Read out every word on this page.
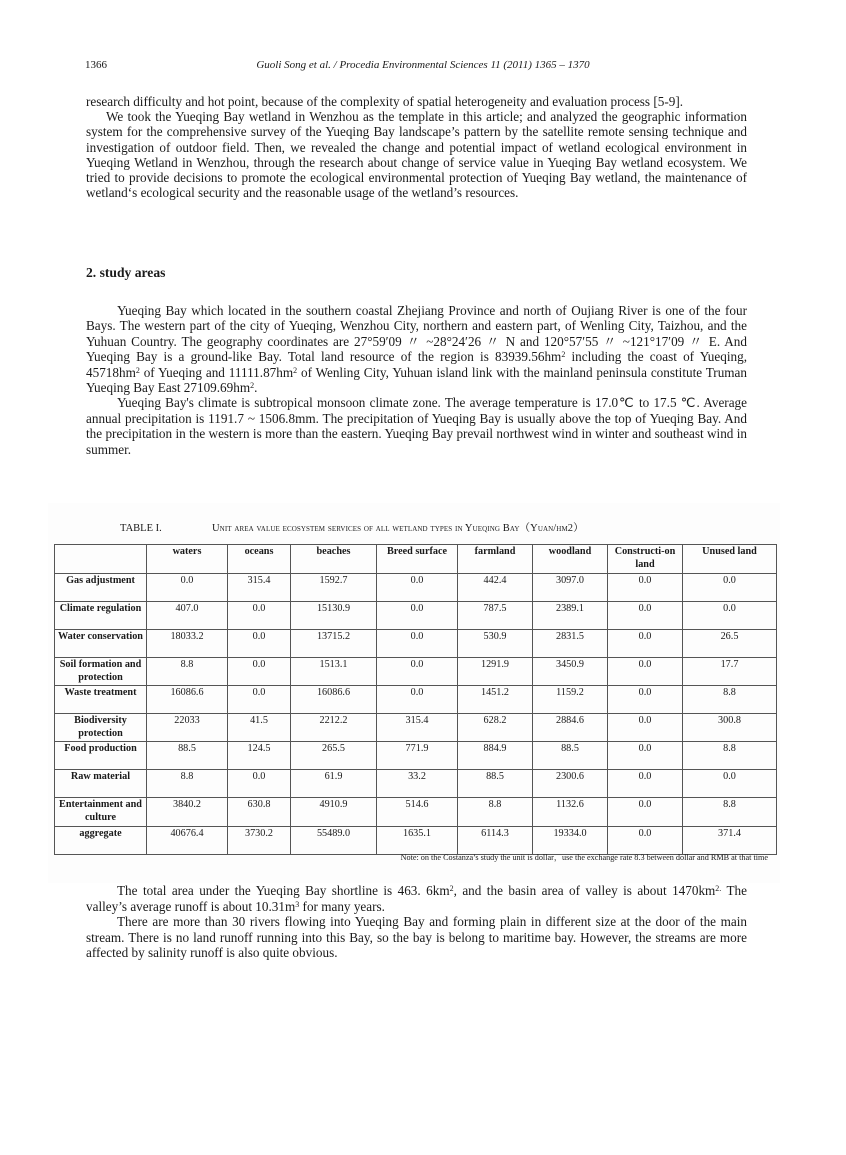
1366	Guoli Song et al. / Procedia Environmental Sciences 11 (2011) 1365 – 1370

research difficulty and hot point, because of the complexity of spatial heterogeneity and evaluation process [5-9].

We took the Yueqing Bay wetland in Wenzhou as the template in this article; and analyzed the geographic information system for the comprehensive survey of the Yueqing Bay landscape’s pattern by the satellite remote sensing technique and investigation of outdoor field. Then, we revealed the change and potential impact of wetland ecological environment in Yueqing Wetland in Wenzhou, through the research about change of service value in Yueqing Bay wetland ecosystem. We tried to provide decisions to promote the ecological environmental protection of Yueqing Bay wetland, the maintenance of wetland‘s ecological security and the reasonable usage of the wetland’s resources.

2. study areas

Yueqing Bay which located in the southern coastal Zhejiang Province and north of Oujiang River is one of the four Bays. The western part of the city of Yueqing, Wenzhou City, northern and eastern part, of Wenling City, Taizhou, and the Yuhuan Country. The geography coordinates are 27°59′09 〃 ~28°24′26 〃 N and 120°57′55 〃 ~121°17′09 〃 E. And Yueqing Bay is a ground-like Bay. Total land resource of the region is $83939.56hm^2$ including the coast of Yueqing, $45718hm^2$ of Yueqing and $11111.87hm^2$ of Wenling City, Yuhuan island link with the mainland peninsula constitute Truman Yueqing Bay East $27109.69hm^2$.

Yueqing Bay's climate is subtropical monsoon climate zone. The average temperature is 17.0℃ to 17.5 ℃. Average annual precipitation is 1191.7 ~ 1506.8mm. The precipitation of Yueqing Bay is usually above the top of Yueqing Bay. And the precipitation in the western is more than the eastern. Yueqing Bay prevail northwest wind in winter and southeast wind in summer.

TABLE I.	Unit area value ecosystem services of all wetland types in Yueqing Bay（Yuan/hm2）
	waters	oceans	beaches	Breed surface	farmland	woodland	Constructi-on land	Unused land
Gas adjustment	0.0	315.4	1592.7	0.0	442.4	3097.0	0.0	0.0
Climate regulation	407.0	0.0	15130.9	0.0	787.5	2389.1	0.0	0.0
Water conservation	18033.2	0.0	13715.2	0.0	530.9	2831.5	0.0	26.5
Soil formation and protection	8.8	0.0	1513.1	0.0	1291.9	3450.9	0.0	17.7
Waste treatment	16086.6	0.0	16086.6	0.0	1451.2	1159.2	0.0	8.8
Biodiversity protection	22033	41.5	2212.2	315.4	628.2	2884.6	0.0	300.8
Food production	88.5	124.5	265.5	771.9	884.9	88.5	0.0	8.8
Raw material	8.8	0.0	61.9	33.2	88.5	2300.6	0.0	0.0
Entertainment and culture	3840.2	630.8	4910.9	514.6	8.8	1132.6	0.0	8.8
aggregate	40676.4	3730.2	55489.0	1635.1	6114.3	19334.0	0.0	371.4
Note: on the Costanza’s study the unit is dollar，use the exchange rate 8.3 between dollar and RMB at that time

The total area under the Yueqing Bay shortline is 463. $6km^2$, and the basin area of valley is about $1470km^{2.}$ The valley’s average runoff is about $10.31m^3$ for many years.

There are more than 30 rivers flowing into Yueqing Bay and forming plain in different size at the door of the main stream. There is no land runoff running into this Bay, so the bay is belong to maritime bay. However, the streams are more affected by salinity runoff is also quite obvious.
